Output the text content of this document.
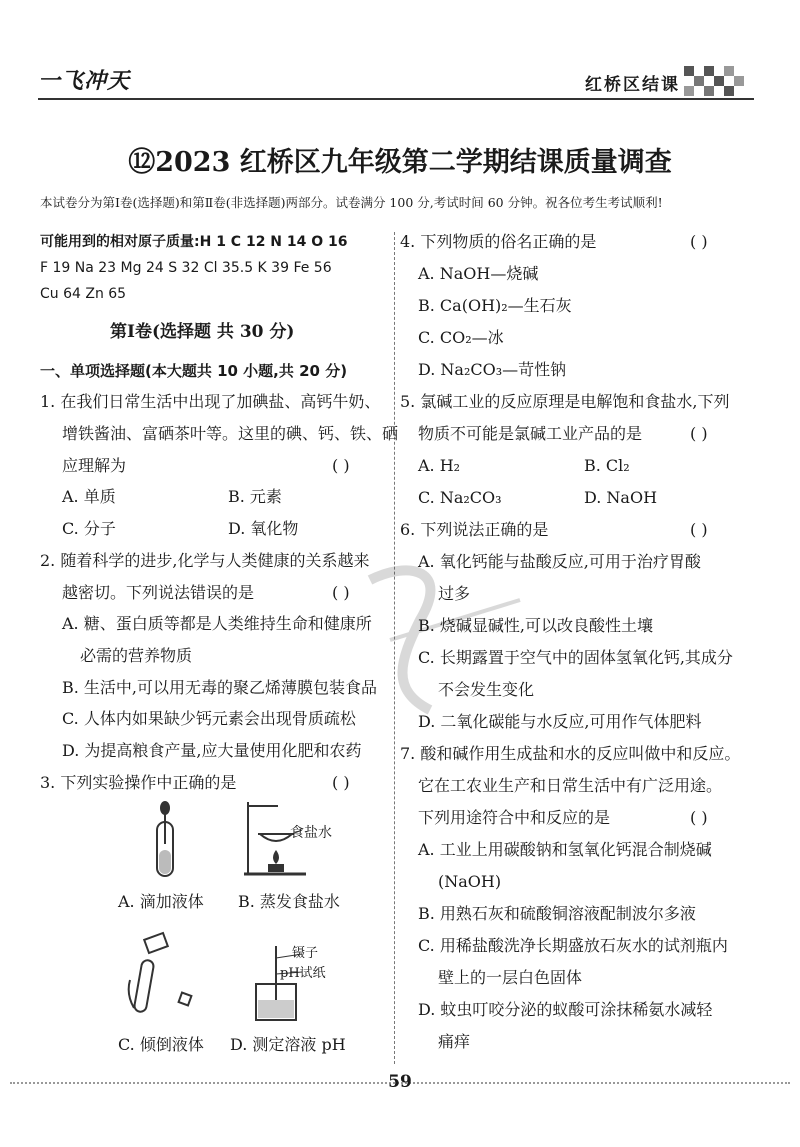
一飞冲天	红桥区结课
⑫2023 红桥区九年级第二学期结课质量调查
本试卷分为第Ⅰ卷(选择题)和第Ⅱ卷(非选择题)两部分。试卷满分 100 分,考试时间 60 分钟。祝各位考生考试顺利!
可能用到的相对原子质量:H 1 C 12 N 14 O 16
F 19 Na 23 Mg 24 S 32 Cl 35.5 K 39 Fe 56
Cu 64 Zn 65
第Ⅰ卷(选择题 共 30 分)
一、单项选择题(本大题共 10 小题,共 20 分)
1. 在我们日常生活中出现了加碘盐、高钙牛奶、
增铁酱油、富硒茶叶等。这里的碘、钙、铁、硒
应理解为	( )
A. 单质	B. 元素
C. 分子	D. 氧化物
2. 随着科学的进步,化学与人类健康的关系越来
越密切。下列说法错误的是	( )
A. 糖、蛋白质等都是人类维持生命和健康所
必需的营养物质
B. 生活中,可以用无毒的聚乙烯薄膜包装食品
C. 人体内如果缺少钙元素会出现骨质疏松
D. 为提高粮食产量,应大量使用化肥和农药
3. 下列实验操作中正确的是	( )
食盐水
A. 滴加液体 B. 蒸发食盐水
镊子
pH试纸
C. 倾倒液体 D. 测定溶液 pH
4. 下列物质的俗名正确的是	( )
A. NaOH—烧碱
B. Ca(OH)₂—生石灰
C. CO₂—冰
D. Na₂CO₃—苛性钠
5. 氯碱工业的反应原理是电解饱和食盐水,下列
物质不可能是氯碱工业产品的是	( )
A. H₂	B. Cl₂
C. Na₂CO₃	D. NaOH
6. 下列说法正确的是	( )
A. 氧化钙能与盐酸反应,可用于治疗胃酸
过多
B. 烧碱显碱性,可以改良酸性土壤
C. 长期露置于空气中的固体氢氧化钙,其成分
不会发生变化
D. 二氧化碳能与水反应,可用作气体肥料
7. 酸和碱作用生成盐和水的反应叫做中和反应。
它在工农业生产和日常生活中有广泛用途。
下列用途符合中和反应的是	( )
A. 工业上用碳酸钠和氢氧化钙混合制烧碱
(NaOH)
B. 用熟石灰和硫酸铜溶液配制波尔多液
C. 用稀盐酸洗净长期盛放石灰水的试剂瓶内
壁上的一层白色固体
D. 蚊虫叮咬分泌的蚁酸可涂抹稀氨水减轻
痛痒
59
